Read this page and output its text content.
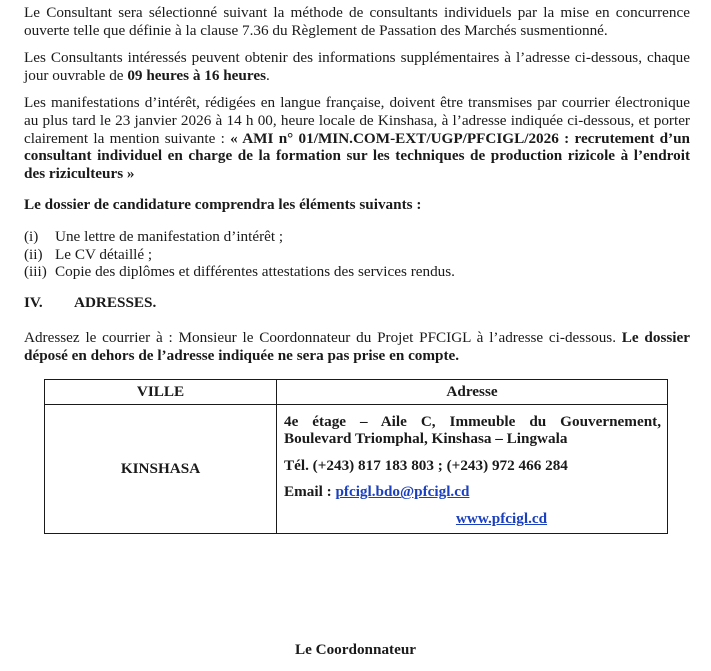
Le Consultant sera sélectionné suivant la méthode de consultants individuels par la mise en concurrence ouverte telle que définie à la clause 7.36 du Règlement de Passation des Marchés susmentionné.

Les Consultants intéressés peuvent obtenir des informations supplémentaires à l’adresse ci-dessous, chaque jour ouvrable de 09 heures à 16 heures.

Les manifestations d’intérêt, rédigées en langue française, doivent être transmises par courrier électronique au plus tard le 23 janvier 2026 à 14 h 00, heure locale de Kinshasa, à l’adresse indiquée ci-dessous, et porter clairement la mention suivante : « AMI n° 01/MIN.COM-EXT/UGP/PFCIGL/2026 : recrutement d’un consultant individuel en charge de la formation sur les techniques de production rizicole à l’endroit des riziculteurs »

Le dossier de candidature comprendra les éléments suivants :

(i)	Une lettre de manifestation d’intérêt ;
(ii) Le CV détaillé ;
(iii) Copie des diplômes et différentes attestations des services rendus.
IV.	ADRESSES.

Adressez le courrier à : Monsieur le Coordonnateur du Projet PFCIGL à l’adresse ci-dessous. Le dossier déposé en dehors de l’adresse indiquée ne sera pas prise en compte.

VILLE	Adresse
KINSHASA	4e étage – Aile C, Immeuble du Gouvernement, Boulevard Triomphal, Kinshasa – Lingwala

Tél. (+243) 817 183 803 ; (+243) 972 466 284

Email : pfcigl.bdo@pfcigl.cd

www.pfcigl.cd

Le Coordonnateur
